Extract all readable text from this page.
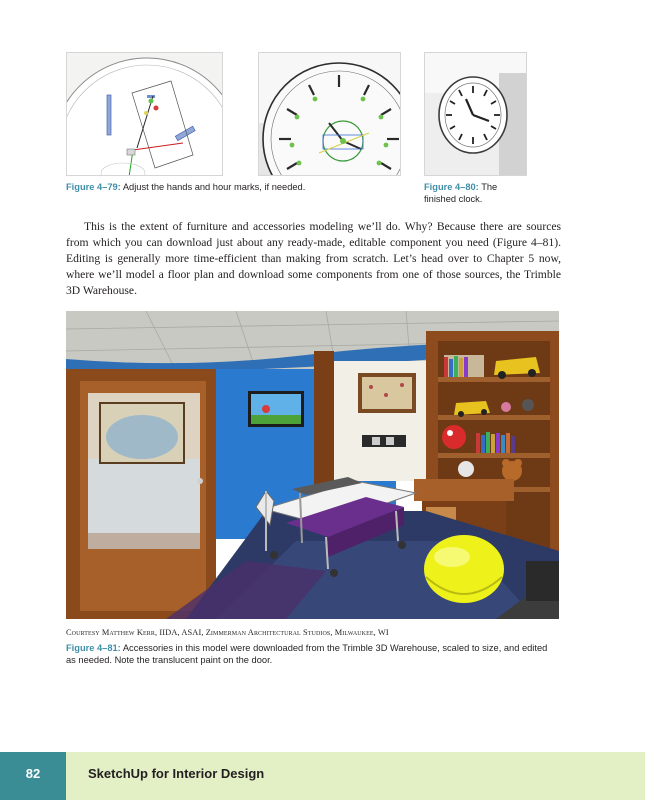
Figure 4–79: Adjust the hands and hour marks, if needed.	Figure 4–80: The
finished clock.

This is the extent of furniture and accessories modeling we’ll do. Why? Because there are sources from which you can download just about any ready-made, editable component you need (Figure 4–81). Editing is generally more time-efficient than making from scratch. Let’s head over to Chapter 5 now, where we’ll model a floor plan and download some components from one of those sources, the Trimble 3D Warehouse.

Courtesy Matthew Kerr, IIDA, ASAI, Zimmerman Architectural Studios, Milwaukee, WI
Figure 4–81: Accessories in this model were downloaded from the Trimble 3D Warehouse, scaled to size, and edited as needed. Note the translucent paint on the door.
82	SketchUp for Interior Design
